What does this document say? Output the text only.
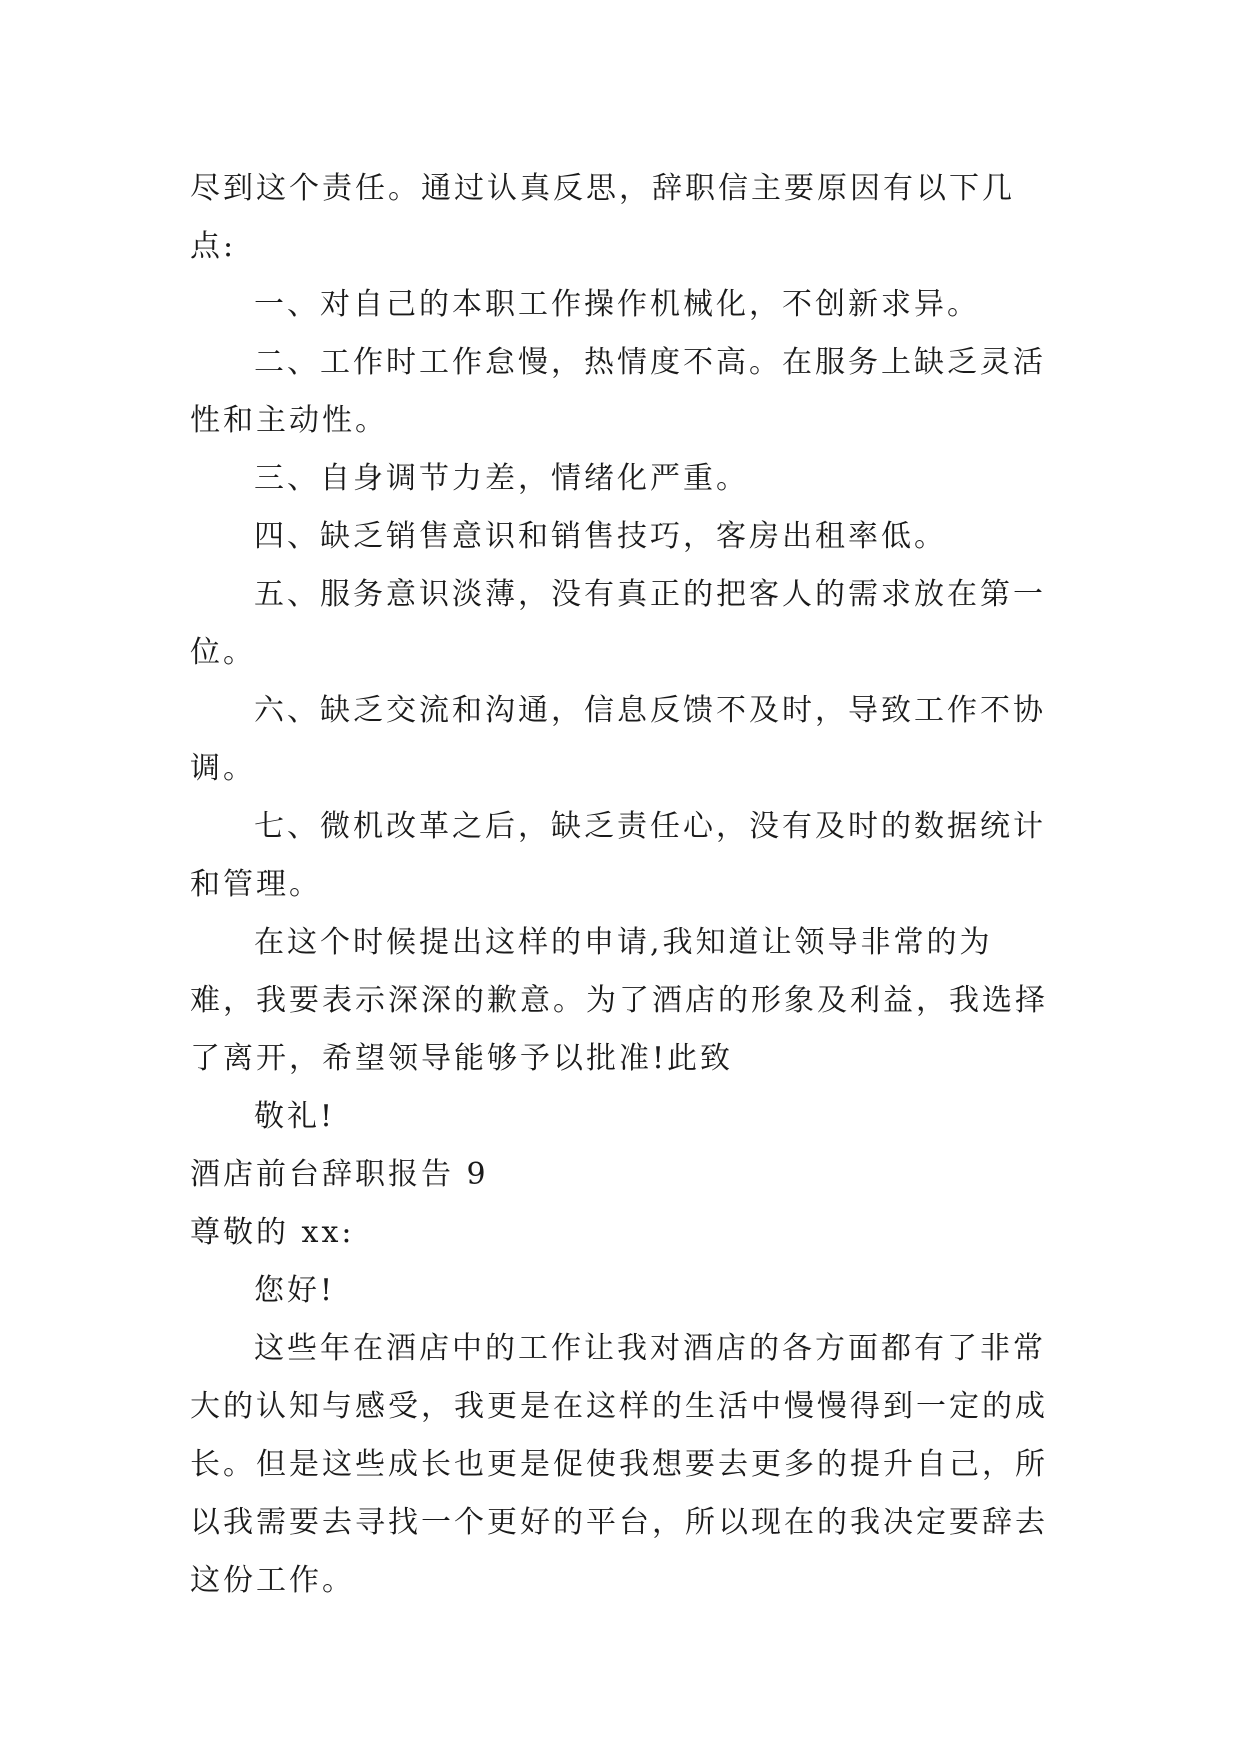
尽到这个责任。通过认真反思，辞职信主要原因有以下几点:

一、对自己的本职工作操作机械化，不创新求异。

二、工作时工作怠慢，热情度不高。在服务上缺乏灵活性和主动性。

三、自身调节力差，情绪化严重。

四、缺乏销售意识和销售技巧，客房出租率低。

五、服务意识淡薄，没有真正的把客人的需求放在第一位。

六、缺乏交流和沟通，信息反馈不及时，导致工作不协调。

七、微机改革之后，缺乏责任心，没有及时的数据统计和管理。

在这个时候提出这样的申请,我知道让领导非常的为难，我要表示深深的歉意。为了酒店的形象及利益，我选择了离开，希望领导能够予以批准!此致

敬礼!

酒店前台辞职报告 9

尊敬的 xx:

您好!

这些年在酒店中的工作让我对酒店的各方面都有了非常大的认知与感受，我更是在这样的生活中慢慢得到一定的成长。但是这些成长也更是促使我想要去更多的提升自己，所以我需要去寻找一个更好的平台，所以现在的我决定要辞去这份工作。
